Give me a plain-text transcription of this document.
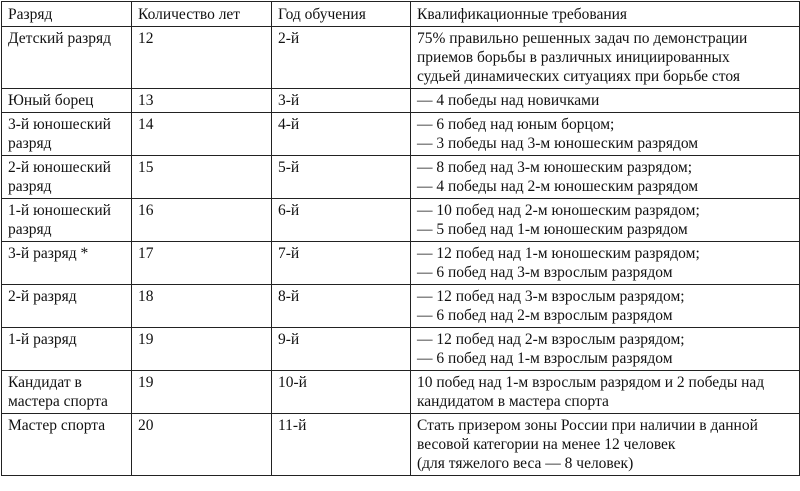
Разряд	Количество лет	Год обучения	Квалификационные требования
Детский разряд	12	2-й	75% правильно решенных задач по демонстрации
приемов борьбы в различных инициированных
судьей динамических ситуациях при борьбе стоя

Юный борец	13	3-й	— 4 победы над новичками

3-й юношеский разряд	14	4-й	— 6 побед над юным борцом;
— 3 победы над 3-м юношеским разрядом

2-й юношеский разряд	15	5-й	— 8 побед над 3-м юношеским разрядом;
— 4 победы над 2-м юношеским разрядом

1-й юношеский разряд	16	6-й	— 10 побед над 2-м юношеским разрядом;
— 5 побед над 1-м юношеским разрядом

3-й разряд *	17	7-й	— 12 побед над 1-м юношеским разрядом;
— 6 побед над 3-м взрослым разрядом

2-й разряд	18	8-й	— 12 побед над 3-м взрослым разрядом;
— 6 побед над 2-м взрослым разрядом

1-й разряд	19	9-й	— 12 побед над 2-м взрослым разрядом;
— 6 побед над 1-м взрослым разрядом

Кандидат в мастера спорта	19	10-й	10 побед над 1-м взрослым разрядом и 2 победы над
кандидатом в мастера спорта

Мастер спорта	20	11-й	Стать призером зоны России при наличии в данной
весовой категории на менее 12 человек
(для тяжелого веса — 8 человек)
